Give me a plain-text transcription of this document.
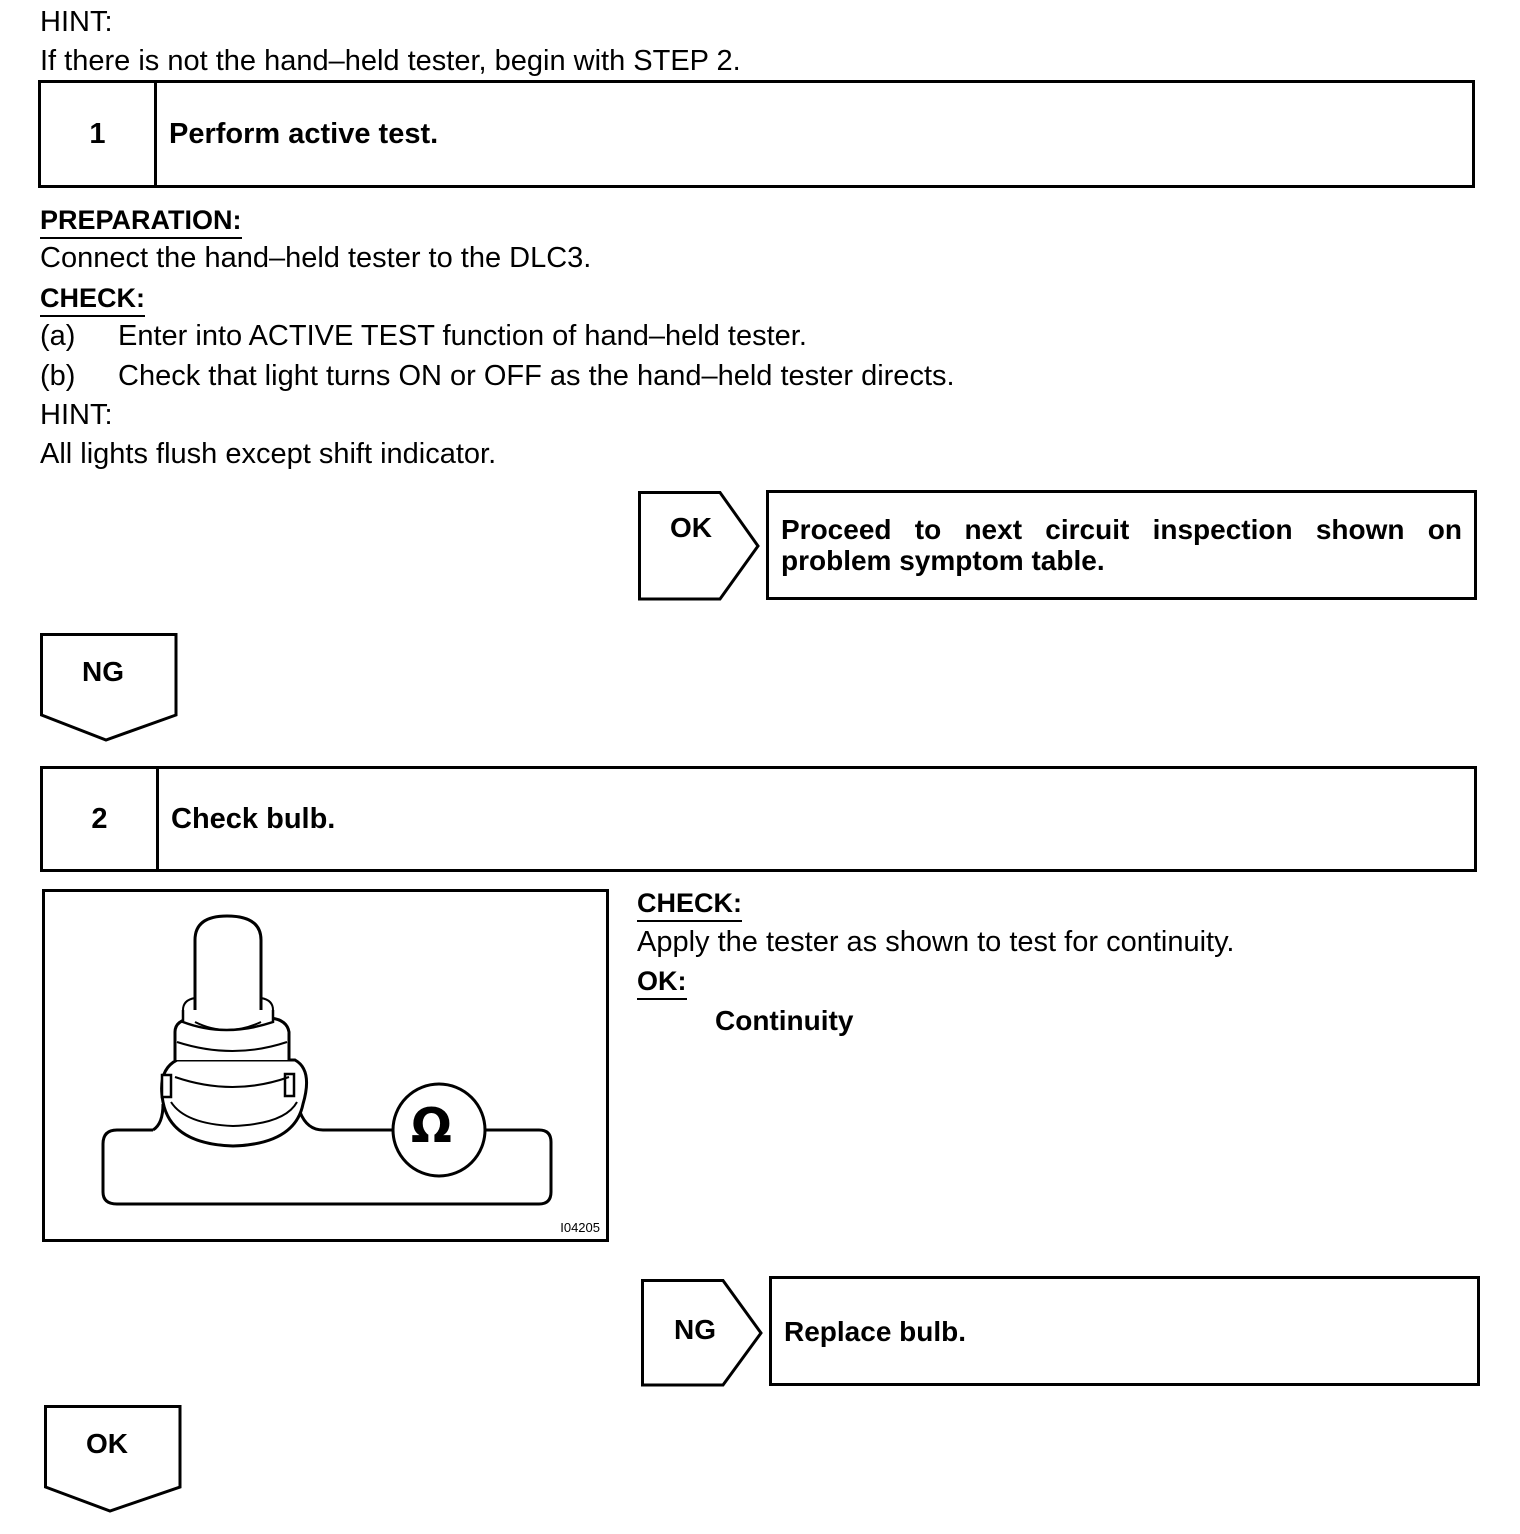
HINT:
If there is not the hand–held tester, begin with STEP 2.
1	Perform active test.
PREPARATION:
Connect the hand–held tester to the DLC3.
CHECK:
(a) Enter into ACTIVE TEST function of hand–held tester.
(b) Check that light turns ON or OFF as the hand–held tester directs.
HINT:
All lights flush except shift indicator.
OK Proceed to next circuit inspection shown on problem symptom table.
NG
2	Check bulb.
Ω
I04205
CHECK:
Apply the tester as shown to test for continuity.
OK:
Continuity
NG Replace bulb.
OK
